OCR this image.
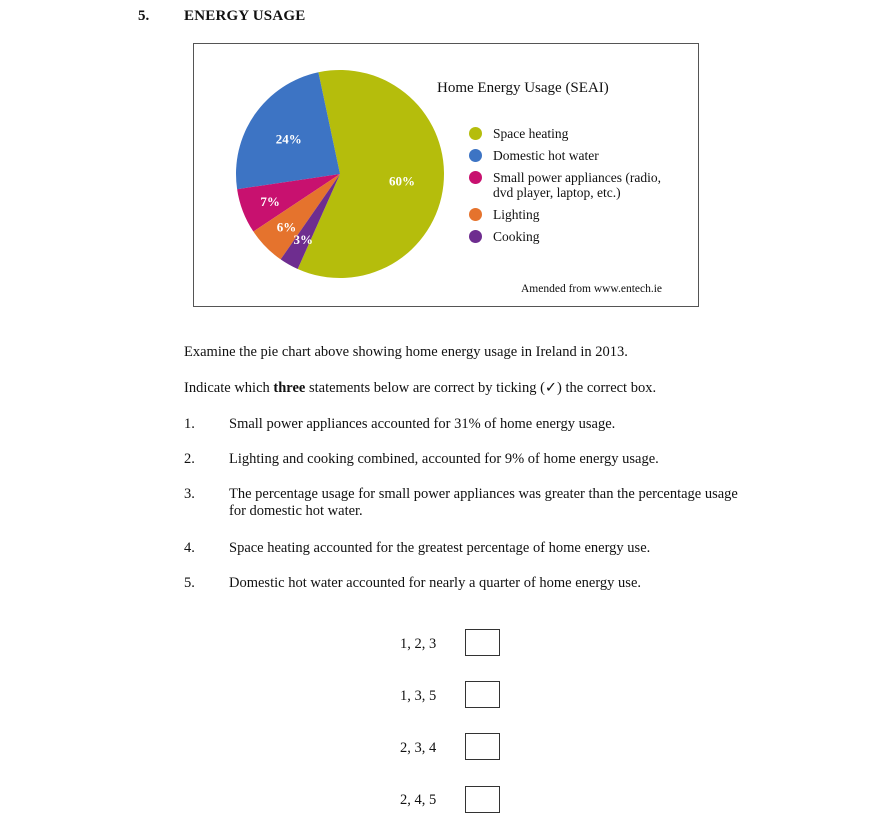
5. ENERGY USAGE
60%
24%
7%
6%
3%
Home Energy Usage (SEAI)
Space heating
Domestic hot water
Small power appliances (radio,
dvd player, laptop, etc.)
Lighting
Cooking
Amended from www.entech.ie
Examine the pie chart above showing home energy usage in Ireland in 2013.
Indicate which three statements below are correct by ticking (✓) the correct box.
1. Small power appliances accounted for 31% of home energy usage.
2. Lighting and cooking combined, accounted for 9% of home energy usage.
3. The percentage usage for small power appliances was greater than the percentage usage for domestic hot water.
4. Space heating accounted for the greatest percentage of home energy use.
5. Domestic hot water accounted for nearly a quarter of home energy use.
1, 2, 3
1, 3, 5
2, 3, 4
2, 4, 5
